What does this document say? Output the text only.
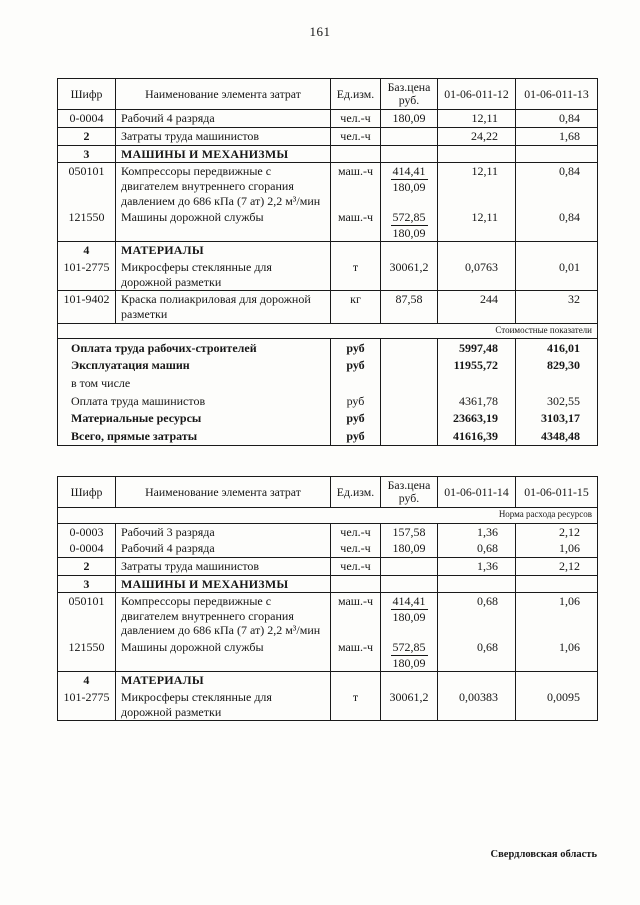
161
Шифр	Наименование элемента затрат	Ед.изм.	Баз.цена руб.	01-06-011-12	01-06-011-13
0-0004	Рабочий 4 разряда	чел.-ч	180,09	12,11	0,84
2	Затраты труда машинистов	чел.-ч		24,22	1,68
3	МАШИНЫ И МЕХАНИЗМЫ				
050101	Компрессоры передвижные с двигателем внутреннего сгорания давлением до 686 кПа (7 ат) 2,2 м³/мин	маш.-ч	$\frac{414,41}{180,09}$	12,11	0,84
121550	Машины дорожной службы	маш.-ч	$\frac{572,85}{180,09}$	12,11	0,84
4	МАТЕРИАЛЫ				
101-2775	Микросферы стеклянные для дорожной разметки	т	30061,2	0,0763	0,01
101-9402	Краска полиакриловая для дорожной разметки	кг	87,58	244	32
Стоимостные показатели					
Оплата труда рабочих-строителей		руб		5997,48	416,01
Эксплуатация машин		руб		11955,72	829,30
в том числе					
Оплата труда машинистов		руб		4361,78	302,55
Материальные ресурсы		руб		23663,19	3103,17
Всего, прямые затраты		руб		41616,39	4348,48
Шифр	Наименование элемента затрат	Ед.изм.	Баз.цена руб.	01-06-011-14	01-06-011-15
Норма расхода ресурсов					
0-0003	Рабочий 3 разряда	чел.-ч	157,58	1,36	2,12
0-0004	Рабочий 4 разряда	чел.-ч	180,09	0,68	1,06
2	Затраты труда машинистов	чел.-ч		1,36	2,12
3	МАШИНЫ И МЕХАНИЗМЫ				
050101	Компрессоры передвижные с двигателем внутреннего сгорания давлением до 686 кПа (7 ат) 2,2 м³/мин	маш.-ч	$\frac{414,41}{180,09}$	0,68	1,06
121550	Машины дорожной службы	маш.-ч	$\frac{572,85}{180,09}$	0,68	1,06
4	МАТЕРИАЛЫ				
101-2775	Микросферы стеклянные для дорожной разметки	т	30061,2	0,00383	0,0095
Свердловская область
